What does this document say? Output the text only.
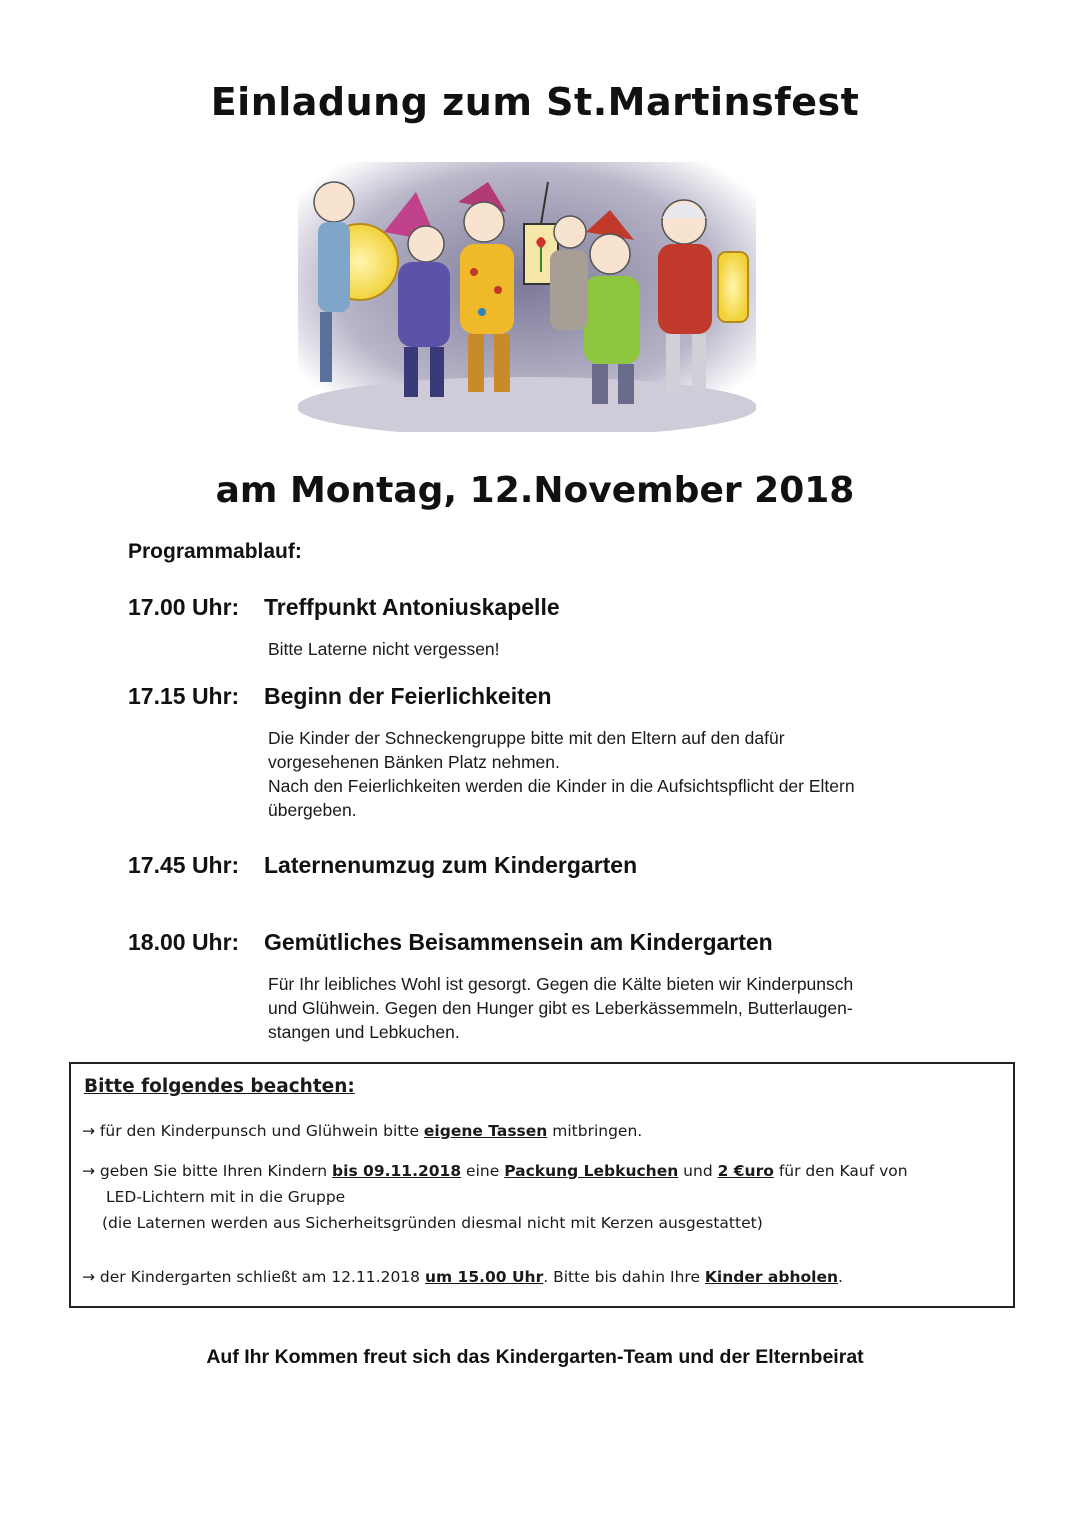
Einladung zum St.Martinsfest
am Montag, 12.November 2018
Programmablauf:
17.00 Uhr:	Treffpunkt Antoniuskapelle
Bitte Laterne nicht vergessen!
17.15 Uhr:	Beginn der Feierlichkeiten
Die Kinder der Schneckengruppe bitte mit den Eltern auf den dafür
vorgesehenen Bänken Platz nehmen.
Nach den Feierlichkeiten werden die Kinder in die Aufsichtspflicht der Eltern
übergeben.
17.45 Uhr:	Laternenumzug zum Kindergarten
18.00 Uhr:	Gemütliches Beisammensein am Kindergarten
Für Ihr leibliches Wohl ist gesorgt. Gegen die Kälte bieten wir Kinderpunsch
und Glühwein. Gegen den Hunger gibt es Leberkässemmeln, Butterlaugen-
stangen und Lebkuchen.
Bitte folgendes beachten:
→ für den Kinderpunsch und Glühwein bitte eigene Tassen mitbringen.
→ geben Sie bitte Ihren Kindern bis 09.11.2018 eine Packung Lebkuchen und 2 €uro für den Kauf von
LED-Lichtern mit in die Gruppe
(die Laternen werden aus Sicherheitsgründen diesmal nicht mit Kerzen ausgestattet)
→ der Kindergarten schließt am 12.11.2018 um 15.00 Uhr. Bitte bis dahin Ihre Kinder abholen.
Auf Ihr Kommen freut sich das Kindergarten-Team und der Elternbeirat
